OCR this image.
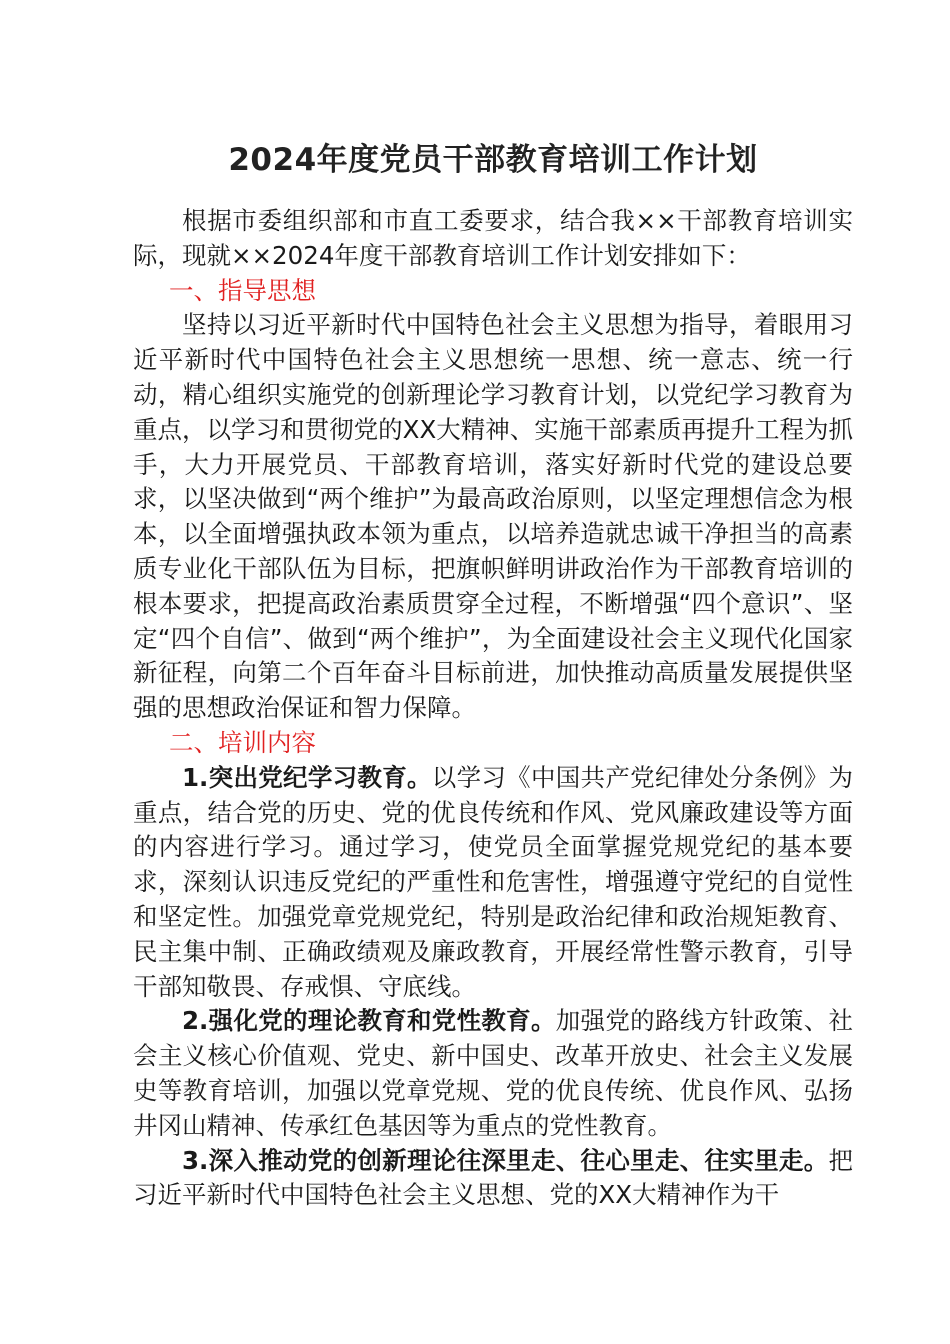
2024年度党员干部教育培训工作计划

根据市委组织部和市直工委要求，结合我××干部教育培训实际，现就××2024年度干部教育培训工作计划安排如下：

一、指导思想

坚持以习近平新时代中国特色社会主义思想为指导，着眼用习近平新时代中国特色社会主义思想统一思想、统一意志、统一行动，精心组织实施党的创新理论学习教育计划，以党纪学习教育为重点，以学习和贯彻党的XX大精神、实施干部素质再提升工程为抓手，大力开展党员、干部教育培训，落实好新时代党的建设总要求，以坚决做到“两个维护”为最高政治原则，以坚定理想信念为根本，以全面增强执政本领为重点，以培养造就忠诚干净担当的高素质专业化干部队伍为目标，把旗帜鲜明讲政治作为干部教育培训的根本要求，把提高政治素质贯穿全过程，不断增强“四个意识”、坚定“四个自信”、做到“两个维护”，为全面建设社会主义现代化国家新征程，向第二个百年奋斗目标前进，加快推动高质量发展提供坚强的思想政治保证和智力保障。

二、培训内容

1.突出党纪学习教育。以学习《中国共产党纪律处分条例》为重点，结合党的历史、党的优良传统和作风、党风廉政建设等方面的内容进行学习。通过学习，使党员全面掌握党规党纪的基本要求，深刻认识违反党纪的严重性和危害性，增强遵守党纪的自觉性和坚定性。加强党章党规党纪，特别是政治纪律和政治规矩教育、民主集中制、正确政绩观及廉政教育，开展经常性警示教育，引导干部知敬畏、存戒惧、守底线。

2.强化党的理论教育和党性教育。加强党的路线方针政策、社会主义核心价值观、党史、新中国史、改革开放史、社会主义发展史等教育培训，加强以党章党规、党的优良传统、优良作风、弘扬井冈山精神、传承红色基因等为重点的党性教育。

3.深入推动党的创新理论往深里走、往心里走、往实里走。把习近平新时代中国特色社会主义思想、党的XX大精神作为干
